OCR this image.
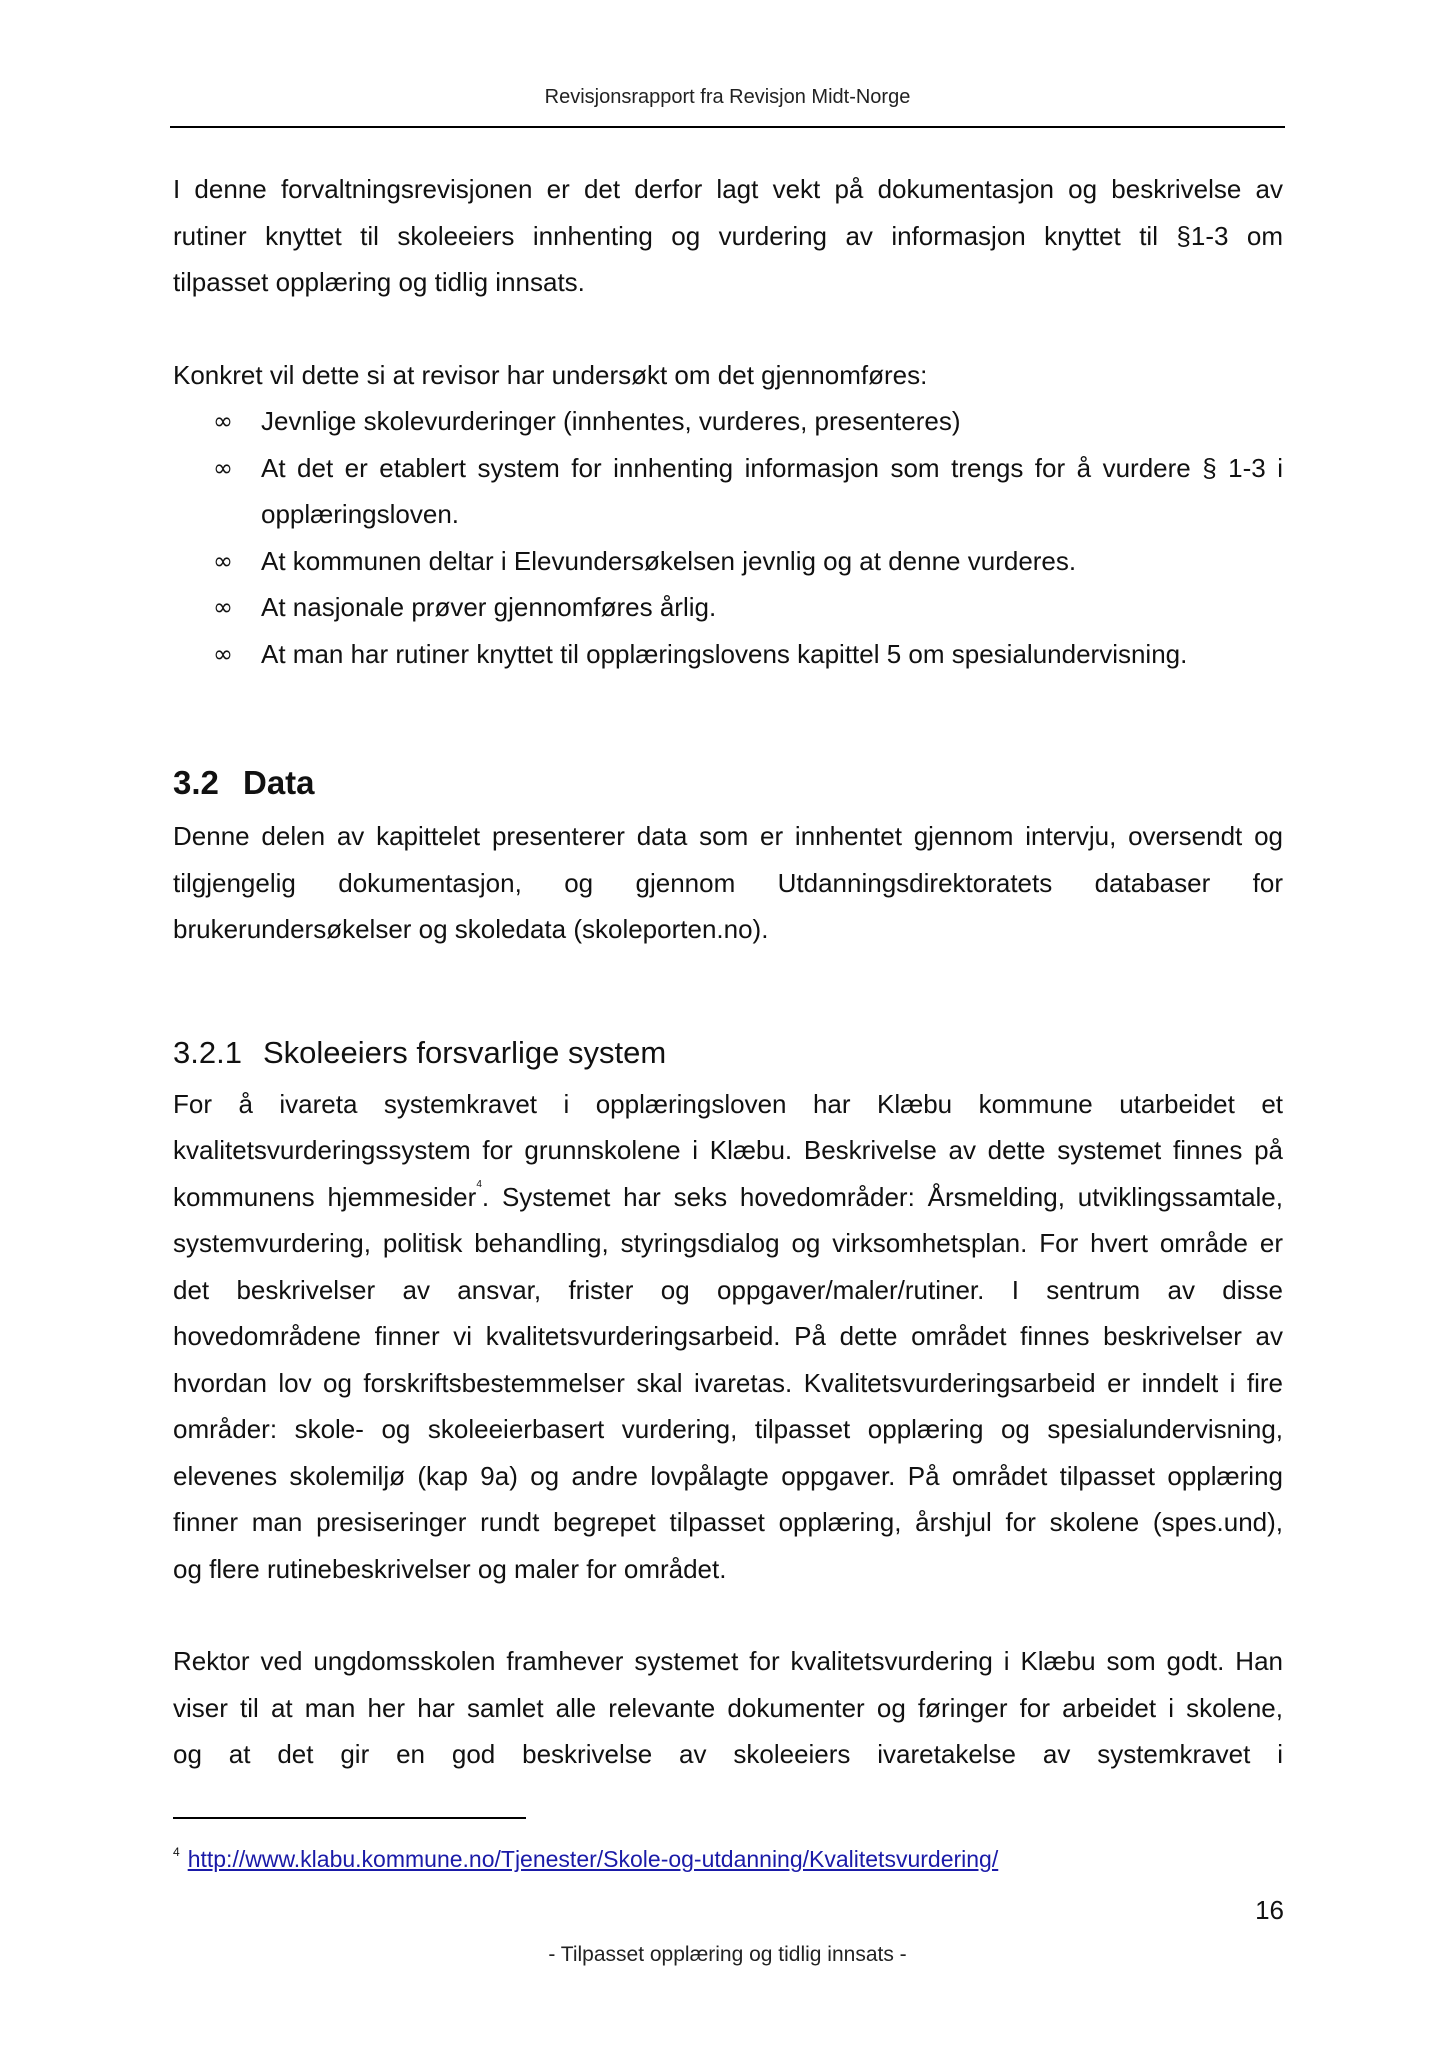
Revisjonsrapport fra Revisjon Midt-Norge

I denne forvaltningsrevisjonen er det derfor lagt vekt på dokumentasjon og beskrivelse av

rutiner knyttet til skoleeiers innhenting og vurdering av informasjon knyttet til §1-3 om

tilpasset opplæring og tidlig innsats.

Konkret vil dette si at revisor har undersøkt om det gjennomføres:

∞ Jevnlige skolevurderinger (innhentes, vurderes, presenteres)
∞ At det er etablert system for innhenting informasjon som trengs for å vurdere § 1-3 i opplæringsloven.
∞ At kommunen deltar i Elevundersøkelsen jevnlig og at denne vurderes.
∞ At nasjonale prøver gjennomføres årlig.
∞ At man har rutiner knyttet til opplæringslovens kapittel 5 om spesialundervisning.
3.2 Data

Denne delen av kapittelet presenterer data som er innhentet gjennom intervju, oversendt og

tilgjengelig dokumentasjon, og gjennom Utdanningsdirektoratets databaser for

brukerundersøkelser og skoledata (skoleporten.no).

3.2.1 Skoleeiers forsvarlige system

For å ivareta systemkravet i opplæringsloven har Klæbu kommune utarbeidet et

kvalitetsvurderingssystem for grunnskolene i Klæbu. Beskrivelse av dette systemet finnes på

kommunens hjemmesider$^4$. Systemet har seks hovedområder: Årsmelding, utviklingssamtale,

systemvurdering, politisk behandling, styringsdialog og virksomhetsplan. For hvert område er

det beskrivelser av ansvar, frister og oppgaver/maler/rutiner. I sentrum av disse

hovedområdene finner vi kvalitetsvurderingsarbeid. På dette området finnes beskrivelser av

hvordan lov og forskriftsbestemmelser skal ivaretas. Kvalitetsvurderingsarbeid er inndelt i fire

områder: skole- og skoleeierbasert vurdering, tilpasset opplæring og spesialundervisning,

elevenes skolemiljø (kap 9a) og andre lovpålagte oppgaver. På området tilpasset opplæring

finner man presiseringer rundt begrepet tilpasset opplæring, årshjul for skolene (spes.und),

og flere rutinebeskrivelser og maler for området.

Rektor ved ungdomsskolen framhever systemet for kvalitetsvurdering i Klæbu som godt. Han

viser til at man her har samlet alle relevante dokumenter og føringer for arbeidet i skolene,

og at det gir en god beskrivelse av skoleeiers ivaretakelse av systemkravet i

$^4$ http://www.klabu.kommune.no/Tjenester/Skole-og-utdanning/Kvalitetsvurdering/
16
- Tilpasset opplæring og tidlig innsats -
